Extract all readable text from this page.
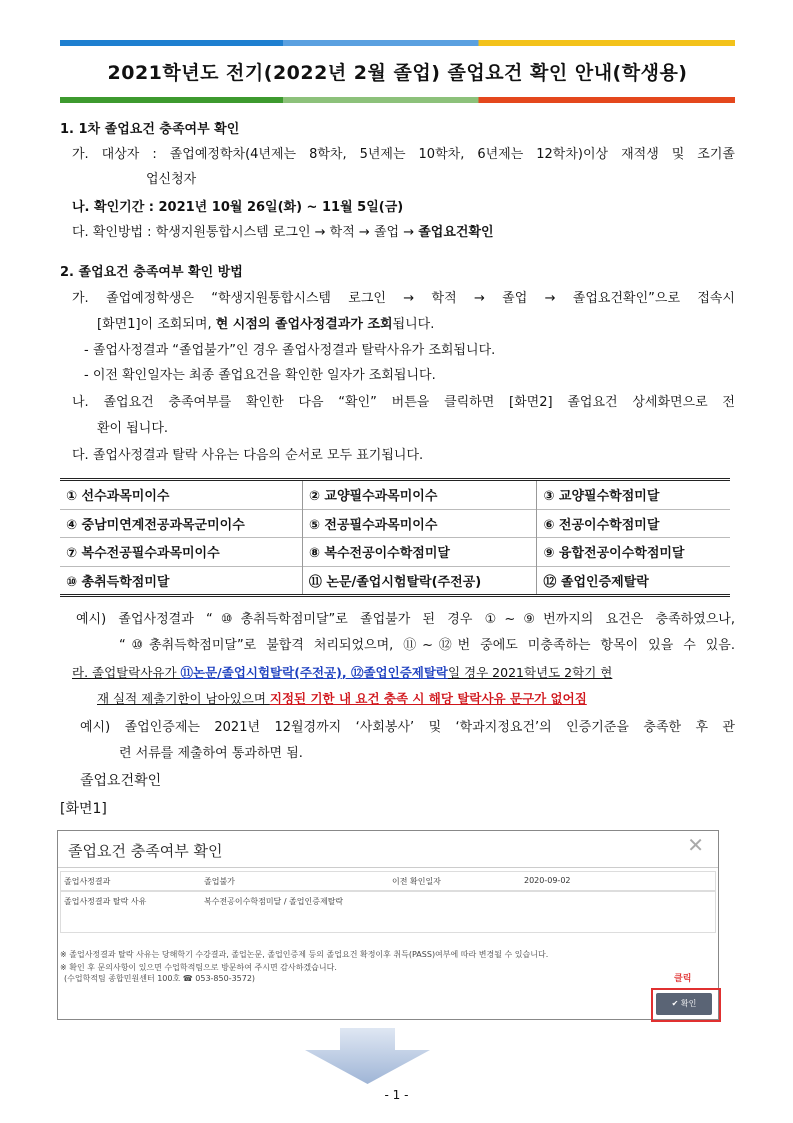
2021학년도 전기(2022년 2월 졸업) 졸업요건 확인 안내(학생용)
1. 1차 졸업요건 충족여부 확인
가. 대상자 : 졸업예정학차(4년제는 8학차, 5년제는 10학차, 6년제는 12학차)이상 재적생 및 조기졸
업신청자
나. 확인기간 : 2021년 10월 26일(화) ~ 11월 5일(금)
다. 확인방법 : 학생지원통합시스템 로그인 → 학적 → 졸업 → 졸업요건확인
2. 졸업요건 충족여부 확인 방법
가. 졸업예정학생은 “학생지원통합시스템 로그인 → 학적 → 졸업 → 졸업요건확인”으로 접속시
[화면1]이 조회되며, 현 시점의 졸업사정결과가 조회됩니다.
- 졸업사정결과 “졸업불가”인 경우 졸업사정결과 탈락사유가 조회됩니다.
- 이전 확인일자는 최종 졸업요건을 확인한 일자가 조회됩니다.
나. 졸업요건 충족여부를 확인한 다음 “확인” 버튼을 클릭하면 [화면2] 졸업요건 상세화면으로 전
환이 됩니다.
다. 졸업사정결과 탈락 사유는 다음의 순서로 모두 표기됩니다.
① 선수과목미이수	② 교양필수과목미이수	③ 교양필수학점미달
④ 중남미연계전공과목군미이수	⑤ 전공필수과목미이수	⑥ 전공이수학점미달
⑦ 복수전공필수과목미이수	⑧ 복수전공이수학점미달	⑨ 융합전공이수학점미달
⑩ 총취득학점미달	⑪ 논문/졸업시험탈락(주전공)	⑫ 졸업인증제탈락
예시) 졸업사정결과 “⑩총취득학점미달”로 졸업불가 된 경우 ①~⑨번까지의 요건은 충족하였으나,
“⑩총취득학점미달”로 불합격 처리되었으며, ⑪~⑫번 중에도 미충족하는 항목이 있을 수 있음.
라. 졸업탈락사유가 ⑪논문/졸업시험탈락(주전공), ⑫졸업인증제탈락일 경우 2021학년도 2학기 현
재 실적 제출기한이 남아있으며 지정된 기한 내 요건 충족 시 해당 탈락사유 문구가 없어짐
예시) 졸업인증제는 2021년 12월경까지 ‘사회봉사’ 및 ‘학과지정요건’의 인증기준을 충족한 후 관
련 서류를 제출하여 통과하면 됨.
졸업요건확인
[화면1]
졸업요건 충족여부 확인	✕
졸업사정결과	졸업불가	이전 확인일자	2020-09-02
졸업사정결과 탈락 사유	복수전공이수학점미달 / 졸업인증제탈락
※ 졸업사정결과 탈락 사유는 당해학기 수강결과, 졸업논문, 졸업인증제 등의 졸업요건 확정이후 취득(PASS)여부에 따라 변경될 수 있습니다.
※ 확인 후 문의사항이 있으면 수업학적팀으로 방문하여 주시면 감사하겠습니다.
(수업학적팀 종합민원센터 100호 ☎ 053-850-3572)	클릭
✔ 확인
- 1 -
